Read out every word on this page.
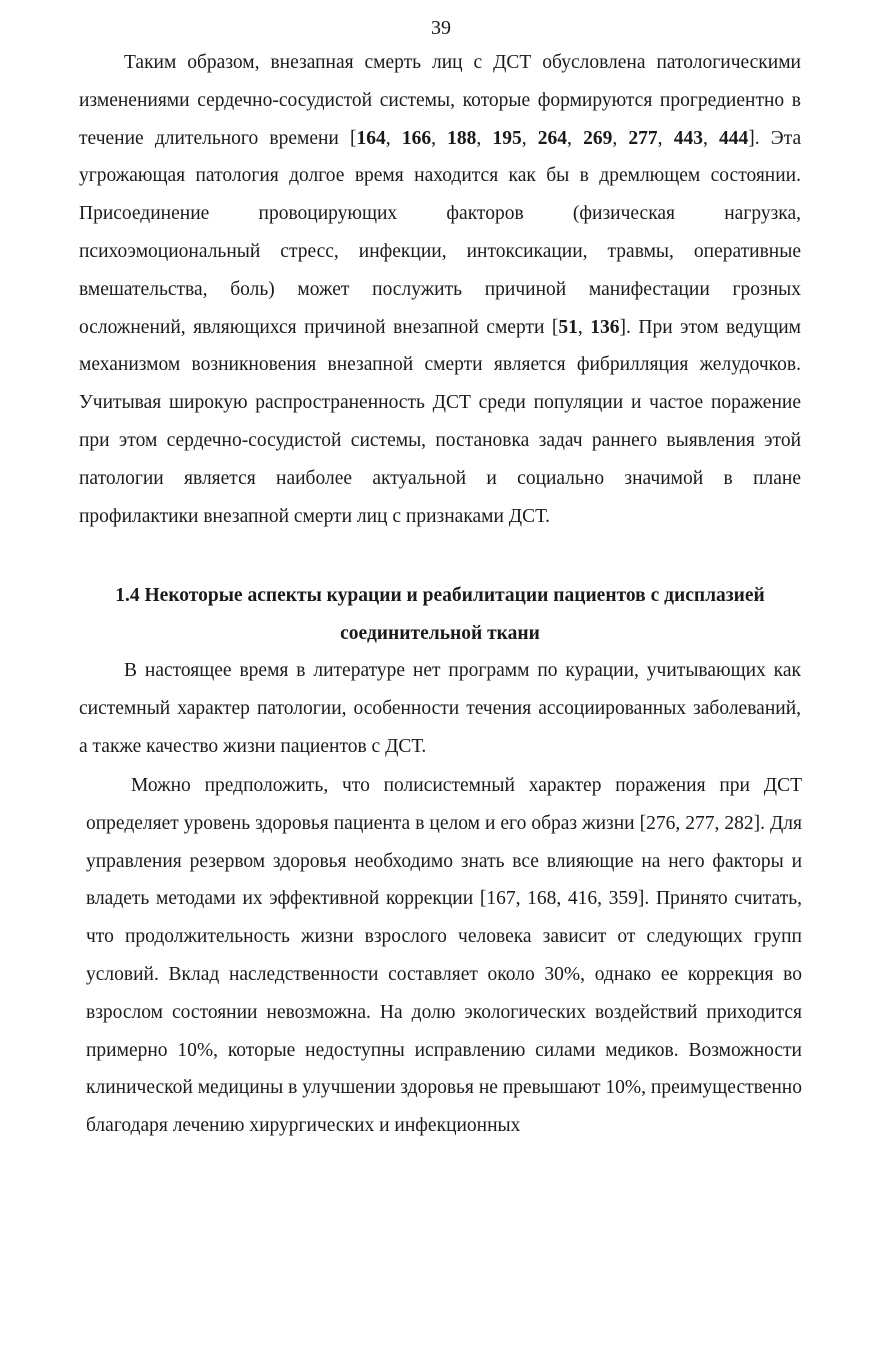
39

Таким образом, внезапная смерть лиц с ДСТ обусловлена патологическими изменениями сердечно-сосудистой системы, которые формируются прогредиентно в течение длительного времени [164, 166, 188, 195, 264, 269, 277, 443, 444]. Эта угрожающая патология долгое время находится как бы в дремлющем состоянии. Присоединение провоцирующих факторов (физическая нагрузка, психоэмоциональный стресс, инфекции, интоксикации, травмы, оперативные вмешательства, боль) может послужить причиной манифестации грозных осложнений, являющихся причиной внезапной смерти [51, 136]. При этом ведущим механизмом возникновения внезапной смерти является фибрилляция желудочков. Учитывая широкую распространенность ДСТ среди популяции и частое поражение при этом сердечно-сосудистой системы, постановка задач раннего выявления этой патологии является наиболее актуальной и социально значимой в плане профилактики внезапной смерти лиц с признаками ДСТ.

1.4 Некоторые аспекты курации и реабилитации пациентов с дисплазией соединительной ткани

В настоящее время в литературе нет программ по курации, учитывающих как системный характер патологии, особенности течения ассоциированных заболеваний, а также качество жизни пациентов с ДСТ.

Можно предположить, что полисистемный характер поражения при ДСТ определяет уровень здоровья пациента в целом и его образ жизни [276, 277, 282]. Для управления резервом здоровья необходимо знать все влияющие на него факторы и владеть методами их эффективной коррекции [167, 168, 416, 359]. Принято считать, что продолжительность жизни взрослого человека зависит от следующих групп условий. Вклад наследственности составляет около 30%, однако ее коррекция во взрослом состоянии невозможна. На долю экологических воздействий приходится примерно 10%, которые недоступны исправлению силами медиков. Возможности клинической медицины в улучшении здоровья не превышают 10%, преимущественно благодаря лечению хирургических и инфекционных
